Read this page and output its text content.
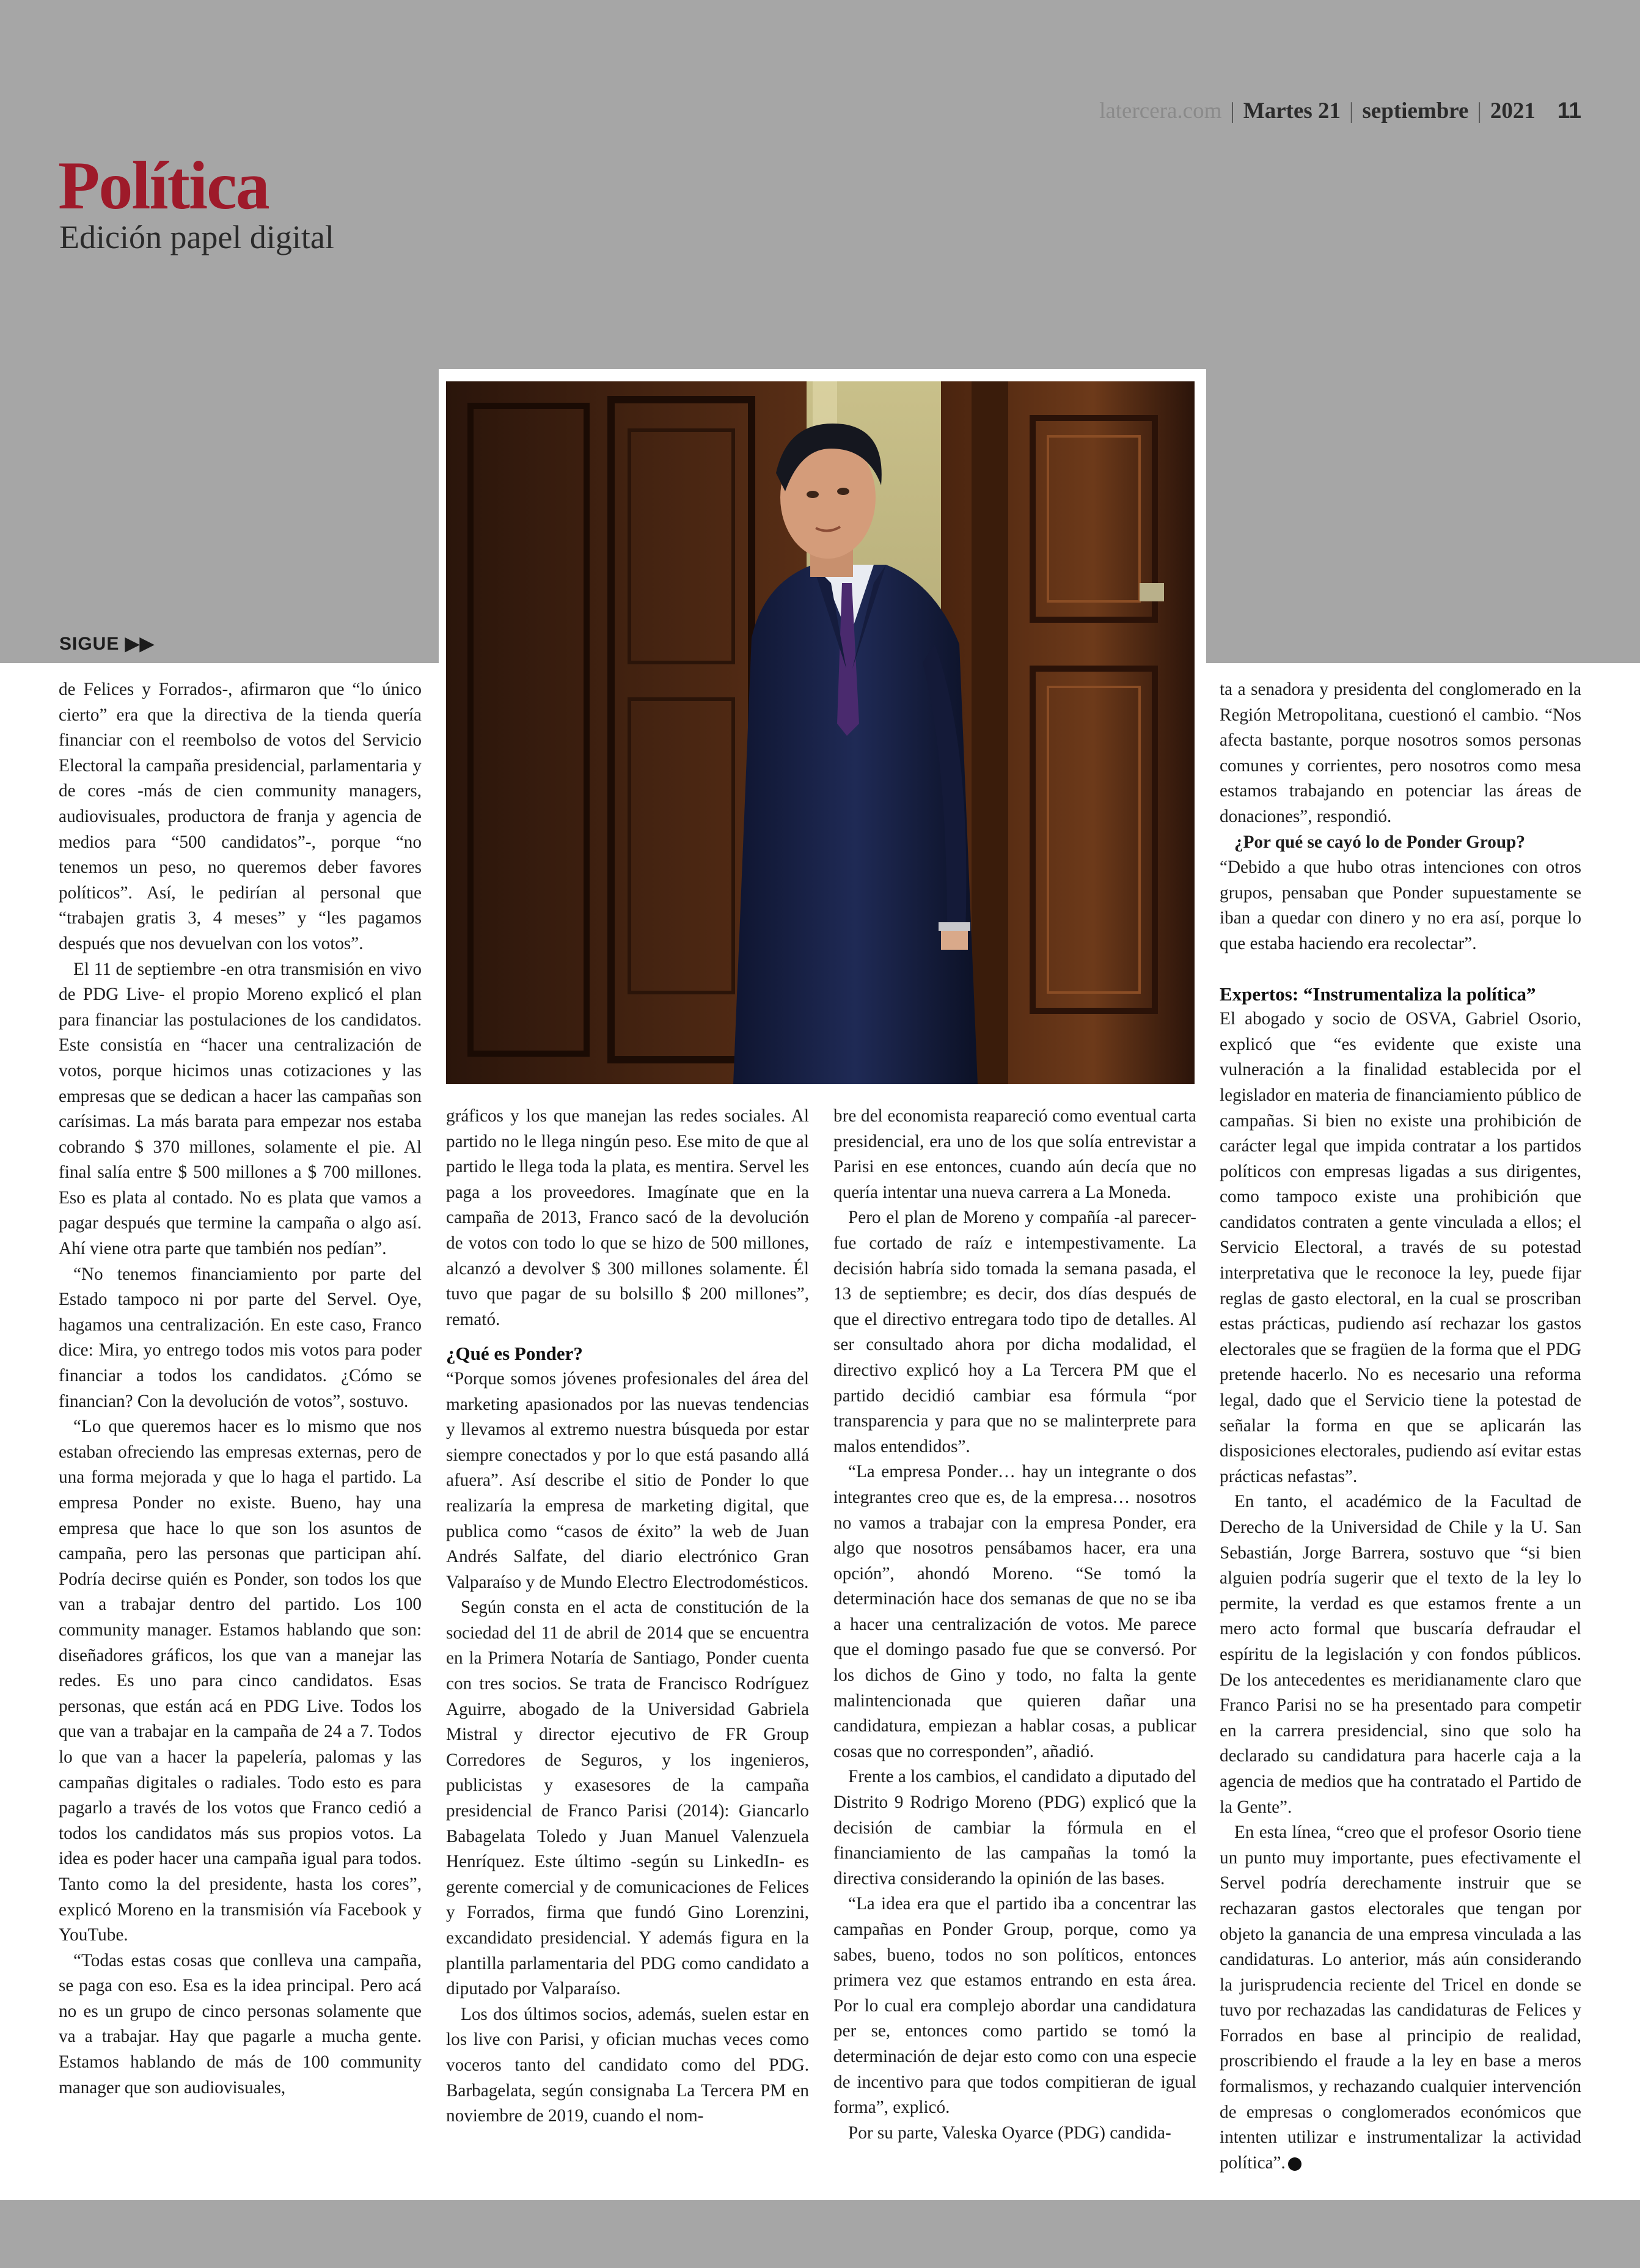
latercera.com | Martes 21 | septiembre | 2021 11
Política
Edición papel digital
SIGUE ▶▶

de Felices y Forrados-, afirmaron que “lo único cierto” era que la directiva de la tienda quería financiar con el reembolso de votos del Servicio Electoral la campaña presidencial, parlamentaria y de cores -más de cien community managers, audiovisuales, productora de franja y agencia de medios para “500 candidatos”-, porque “no tenemos un peso, no queremos deber favores políticos”. Así, le pedirían al personal que “trabajen gratis 3, 4 meses” y “les pagamos después que nos devuelvan con los votos”.

El 11 de septiembre -en otra transmisión en vivo de PDG Live- el propio Moreno explicó el plan para financiar las postulaciones de los candidatos. Este consistía en “hacer una centralización de votos, porque hicimos unas cotizaciones y las empresas que se dedican a hacer las campañas son carísimas. La más barata para empezar nos estaba cobrando $ 370 millones, solamente el pie. Al final salía entre $ 500 millones a $ 700 millones. Eso es plata al contado. No es plata que vamos a pagar después que termine la campaña o algo así. Ahí viene otra parte que también nos pedían”.

“No tenemos financiamiento por parte del Estado tampoco ni por parte del Servel. Oye, hagamos una centralización. En este caso, Franco dice: Mira, yo entrego todos mis votos para poder financiar a todos los candidatos. ¿Cómo se financian? Con la devolución de votos”, sostuvo.

“Lo que queremos hacer es lo mismo que nos estaban ofreciendo las empresas externas, pero de una forma mejorada y que lo haga el partido. La empresa Ponder no existe. Bueno, hay una empresa que hace lo que son los asuntos de campaña, pero las personas que participan ahí. Podría decirse quién es Ponder, son todos los que van a trabajar dentro del partido. Los 100 community manager. Estamos hablando que son: diseñadores gráficos, los que van a manejar las redes. Es uno para cinco candidatos. Esas personas, que están acá en PDG Live. Todos los que van a trabajar en la campaña de 24 a 7. Todos lo que van a hacer la papelería, palomas y las campañas digitales o radiales. Todo esto es para pagarlo a través de los votos que Franco cedió a todos los candidatos más sus propios votos. La idea es poder hacer una campaña igual para todos. Tanto como la del presidente, hasta los cores”, explicó Moreno en la transmisión vía Facebook y YouTube.

“Todas estas cosas que conlleva una campaña, se paga con eso. Esa es la idea principal. Pero acá no es un grupo de cinco personas solamente que va a trabajar. Hay que pagarle a mucha gente. Estamos hablando de más de 100 community manager que son audiovisuales,

gráficos y los que manejan las redes sociales. Al partido no le llega ningún peso. Ese mito de que al partido le llega toda la plata, es mentira. Servel les paga a los proveedores. Imagínate que en la campaña de 2013, Franco sacó de la devolución de votos con todo lo que se hizo de 500 millones, alcanzó a devolver $ 300 millones solamente. Él tuvo que pagar de su bolsillo $ 200 millones”, remató.

¿Qué es Ponder?

“Porque somos jóvenes profesionales del área del marketing apasionados por las nuevas tendencias y llevamos al extremo nuestra búsqueda por estar siempre conectados y por lo que está pasando allá afuera”. Así describe el sitio de Ponder lo que realizaría la empresa de marketing digital, que publica como “casos de éxito” la web de Juan Andrés Salfate, del diario electrónico Gran Valparaíso y de Mundo Electro Electrodomésticos.

Según consta en el acta de constitución de la sociedad del 11 de abril de 2014 que se encuentra en la Primera Notaría de Santiago, Ponder cuenta con tres socios. Se trata de Francisco Rodríguez Aguirre, abogado de la Universidad Gabriela Mistral y director ejecutivo de FR Group Corredores de Seguros, y los ingenieros, publicistas y exasesores de la campaña presidencial de Franco Parisi (2014): Giancarlo Babagelata Toledo y Juan Manuel Valenzuela Henríquez. Este último -según su LinkedIn- es gerente comercial y de comunicaciones de Felices y Forrados, firma que fundó Gino Lorenzini, excandidato presidencial. Y además figura en la plantilla parlamentaria del PDG como candidato a diputado por Valparaíso.

Los dos últimos socios, además, suelen estar en los live con Parisi, y ofician muchas veces como voceros tanto del candidato como del PDG. Barbagelata, según consignaba La Tercera PM en noviembre de 2019, cuando el nom-

bre del economista reapareció como eventual carta presidencial, era uno de los que solía entrevistar a Parisi en ese entonces, cuando aún decía que no quería intentar una nueva carrera a La Moneda.

Pero el plan de Moreno y compañía -al parecer- fue cortado de raíz e intempestivamente. La decisión habría sido tomada la semana pasada, el 13 de septiembre; es decir, dos días después de que el directivo entregara todo tipo de detalles. Al ser consultado ahora por dicha modalidad, el directivo explicó hoy a La Tercera PM que el partido decidió cambiar esa fórmula “por transparencia y para que no se malinterprete para malos entendidos”.

“La empresa Ponder… hay un integrante o dos integrantes creo que es, de la empresa… nosotros no vamos a trabajar con la empresa Ponder, era algo que nosotros pensábamos hacer, era una opción”, ahondó Moreno. “Se tomó la determinación hace dos semanas de que no se iba a hacer una centralización de votos. Me parece que el domingo pasado fue que se conversó. Por los dichos de Gino y todo, no falta la gente malintencionada que quieren dañar una candidatura, empiezan a hablar cosas, a publicar cosas que no corresponden”, añadió.

Frente a los cambios, el candidato a diputado del Distrito 9 Rodrigo Moreno (PDG) explicó que la decisión de cambiar la fórmula en el financiamiento de las campañas la tomó la directiva considerando la opinión de las bases.

“La idea era que el partido iba a concentrar las campañas en Ponder Group, porque, como ya sabes, bueno, todos no son políticos, entonces primera vez que estamos entrando en esta área. Por lo cual era complejo abordar una candidatura per se, entonces como partido se tomó la determinación de dejar esto como con una especie de incentivo para que todos compitieran de igual forma”, explicó.

Por su parte, Valeska Oyarce (PDG) candida-

ta a senadora y presidenta del conglomerado en la Región Metropolitana, cuestionó el cambio. “Nos afecta bastante, porque nosotros somos personas comunes y corrientes, pero nosotros como mesa estamos trabajando en potenciar las áreas de donaciones”, respondió.

¿Por qué se cayó lo de Ponder Group?

“Debido a que hubo otras intenciones con otros grupos, pensaban que Ponder supuestamente se iban a quedar con dinero y no era así, porque lo que estaba haciendo era recolectar”.

Expertos: “Instrumentaliza la política”

El abogado y socio de OSVA, Gabriel Osorio, explicó que “es evidente que existe una vulneración a la finalidad establecida por el legislador en materia de financiamiento público de campañas. Si bien no existe una prohibición de carácter legal que impida contratar a los partidos políticos con empresas ligadas a sus dirigentes, como tampoco existe una prohibición que candidatos contraten a gente vinculada a ellos; el Servicio Electoral, a través de su potestad interpretativa que le reconoce la ley, puede fijar reglas de gasto electoral, en la cual se proscriban estas prácticas, pudiendo así rechazar los gastos electorales que se fragüen de la forma que el PDG pretende hacerlo. No es necesario una reforma legal, dado que el Servicio tiene la potestad de señalar la forma en que se aplicarán las disposiciones electorales, pudiendo así evitar estas prácticas nefastas”.

En tanto, el académico de la Facultad de Derecho de la Universidad de Chile y la U. San Sebastián, Jorge Barrera, sostuvo que “si bien alguien podría sugerir que el texto de la ley lo permite, la verdad es que estamos frente a un mero acto formal que buscaría defraudar el espíritu de la legislación y con fondos públicos. De los antecedentes es meridianamente claro que Franco Parisi no se ha presentado para competir en la carrera presidencial, sino que solo ha declarado su candidatura para hacerle caja a la agencia de medios que ha contratado el Partido de la Gente”.

En esta línea, “creo que el profesor Osorio tiene un punto muy importante, pues efectivamente el Servel podría derechamente instruir que se rechazaran gastos electorales que tengan por objeto la ganancia de una empresa vinculada a las candidaturas. Lo anterior, más aún considerando la jurisprudencia reciente del Tricel en donde se tuvo por rechazadas las candidaturas de Felices y Forrados en base al principio de realidad, proscribiendo el fraude a la ley en base a meros formalismos, y rechazando cualquier intervención de empresas o conglomerados económicos que intenten utilizar e instrumentalizar la actividad política”.
